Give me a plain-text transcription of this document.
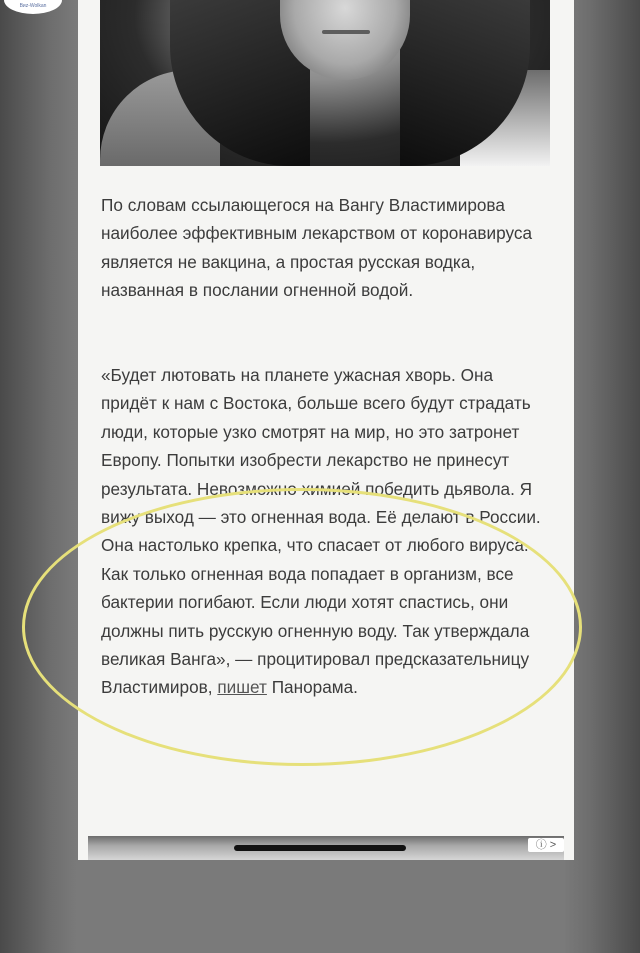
Bиz-Wolkan

По словам ссылающегося на Вангу Властимирова наиболее эффективным лекарством от коронавируса является не вакцина, а простая русская водка, названная в послании огненной водой.

«Будет лютовать на планете ужасная хворь. Она придёт к нам с Востока, больше всего будут страдать люди, которые узко смотрят на мир, но это затронет Европу. Попытки изобрести лекарство не принесут результата. Невозможно химией победить дьявола. Я вижу выход — это огненная вода. Её делают в России. Она настолько крепка, что спасает от любого вируса. Как только огненная вода попадает в организм, все бактерии погибают. Если люди хотят спастись, они должны пить русскую огненную воду. Так утверждала великая Ванга», — процитировал предсказательницу Властимиров, пишет Панорама.

ⓘ >
